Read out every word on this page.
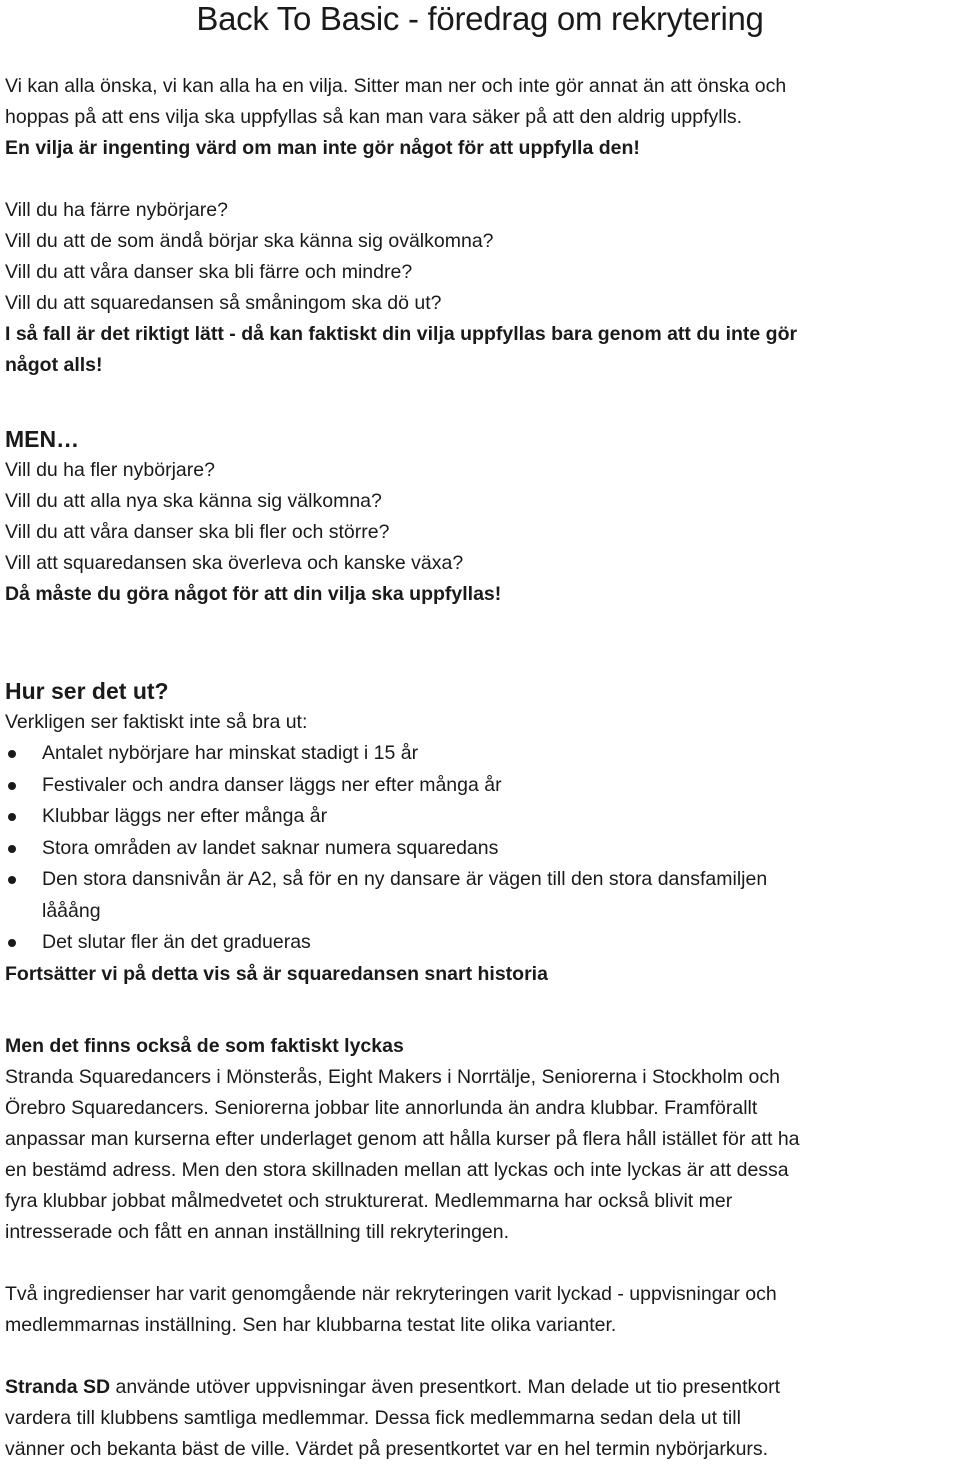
Back To Basic - föredrag om rekrytering
Vi kan alla önska, vi kan alla ha en vilja. Sitter man ner och inte gör annat än att önska och
hoppas på att ens vilja ska uppfyllas så kan man vara säker på att den aldrig uppfylls.
En vilja är ingenting värd om man inte gör något för att uppfylla den!
Vill du ha färre nybörjare?
Vill du att de som ändå börjar ska känna sig ovälkomna?
Vill du att våra danser ska bli färre och mindre?
Vill du att squaredansen så småningom ska dö ut?
I så fall är det riktigt lätt - då kan faktiskt din vilja uppfyllas bara genom att du inte gör
något alls!
MEN…
Vill du ha fler nybörjare?
Vill du att alla nya ska känna sig välkomna?
Vill du att våra danser ska bli fler och större?
Vill att squaredansen ska överleva och kanske växa?
Då måste du göra något för att din vilja ska uppfyllas!
Hur ser det ut?
Verkligen ser faktiskt inte så bra ut:
Antalet nybörjare har minskat stadigt i 15 år
Festivaler och andra danser läggs ner efter många år
Klubbar läggs ner efter många år
Stora områden av landet saknar numera squaredans
Den stora dansnivån är A2, så för en ny dansare är vägen till den stora dansfamiljen
lååång
Det slutar fler än det gradueras
Fortsätter vi på detta vis så är squaredansen snart historia
Men det finns också de som faktiskt lyckas
Stranda Squaredancers i Mönsterås, Eight Makers i Norrtälje, Seniorerna i Stockholm och
Örebro Squaredancers. Seniorerna jobbar lite annorlunda än andra klubbar. Framförallt
anpassar man kurserna efter underlaget genom att hålla kurser på flera håll istället för att ha
en bestämd adress. Men den stora skillnaden mellan att lyckas och inte lyckas är att dessa
fyra klubbar jobbat målmedvetet och strukturerat. Medlemmarna har också blivit mer
intresserade och fått en annan inställning till rekryteringen.
Två ingredienser har varit genomgående när rekryteringen varit lyckad - uppvisningar och
medlemmarnas inställning. Sen har klubbarna testat lite olika varianter.
Stranda SD använde utöver uppvisningar även presentkort. Man delade ut tio presentkort
vardera till klubbens samtliga medlemmar. Dessa fick medlemmarna sedan dela ut till
vänner och bekanta bäst de ville. Värdet på presentkortet var en hel termin nybörjarkurs.
